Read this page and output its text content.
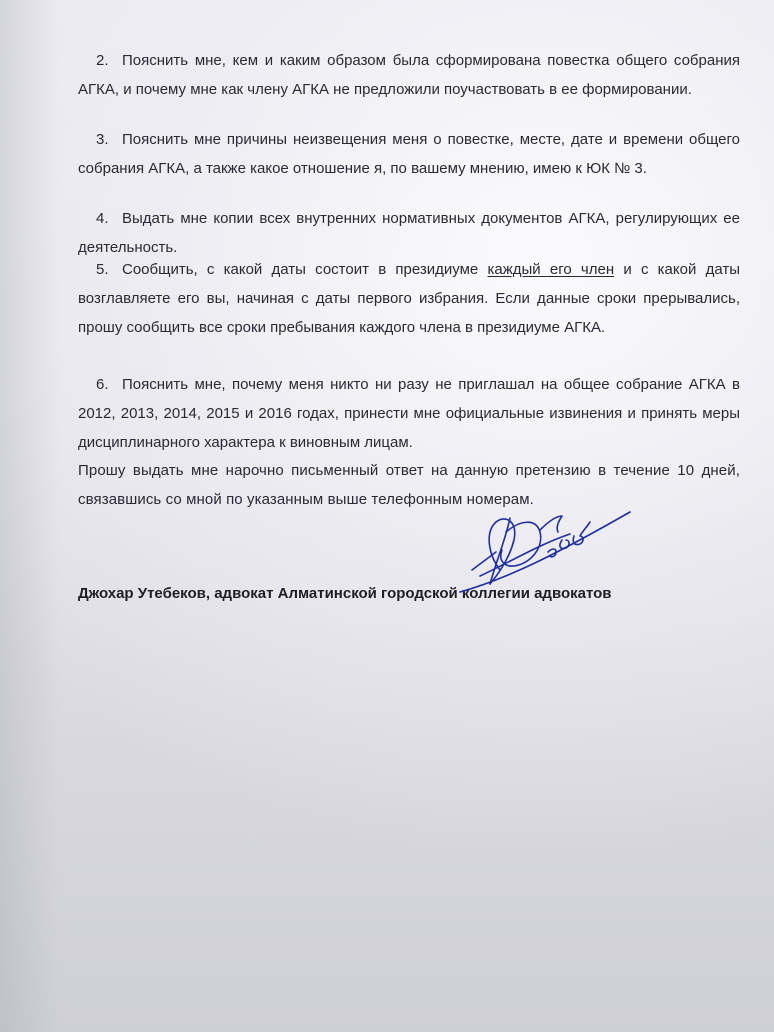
2. Пояснить мне, кем и каким образом была сформирована повестка общего собрания АГКА, и почему мне как члену АГКА не предложили поучаствовать в ее формировании.
3. Пояснить мне причины неизвещения меня о повестке, месте, дате и времени общего собрания АГКА, а также какое отношение я, по вашему мнению, имею к ЮК № 3.
4. Выдать мне копии всех внутренних нормативных документов АГКА, регулирующих ее деятельность.
5. Сообщить, с какой даты состоит в президиуме каждый его член и с какой даты возглавляете его вы, начиная с даты первого избрания. Если данные сроки прерывались, прошу сообщить все сроки пребывания каждого члена в президиуме АГКА.
6. Пояснить мне, почему меня никто ни разу не приглашал на общее собрание АГКА в 2012, 2013, 2014, 2015 и 2016 годах, принести мне официальные извинения и принять меры дисциплинарного характера к виновным лицам.
Прошу выдать мне нарочно письменный ответ на данную претензию в течение 10 дней, связавшись со мной по указанным выше телефонным номерам.
Джохар Утебеков, адвокат Алматинской городской коллегии адвокатов
